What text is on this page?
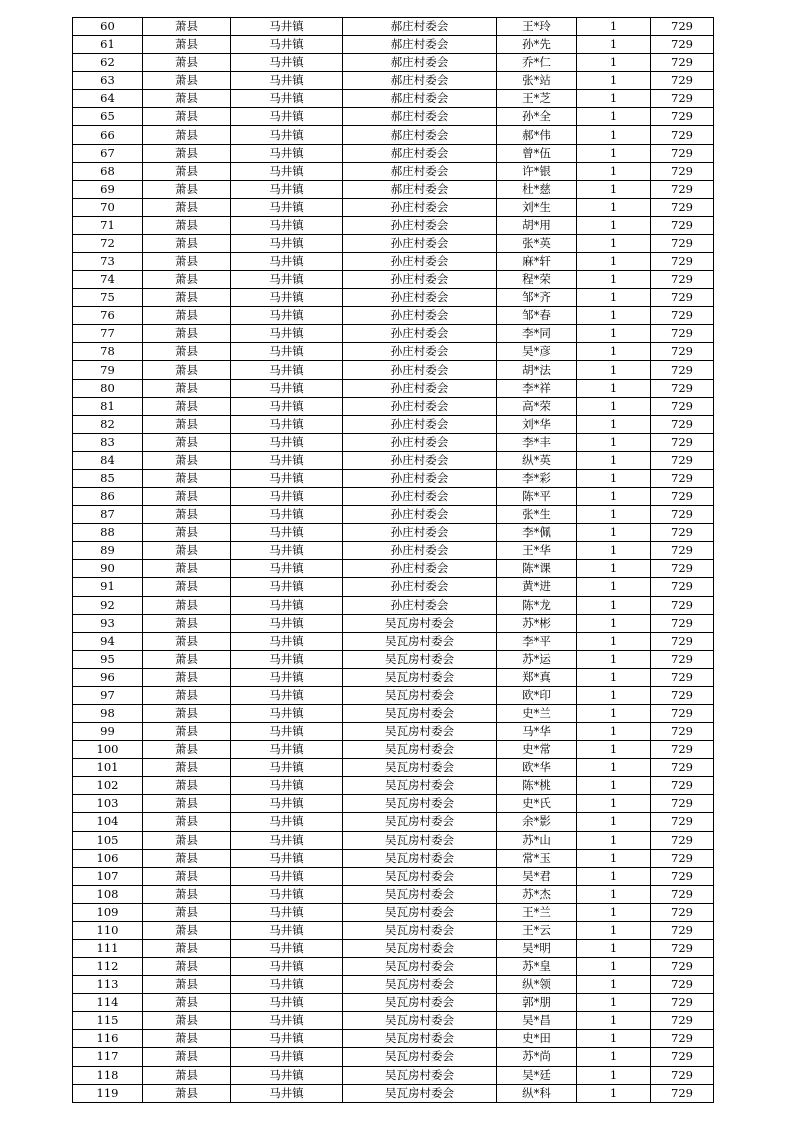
60	萧县	马井镇	郝庄村委会	王*玲	1	729
61	萧县	马井镇	郝庄村委会	孙*先	1	729
62	萧县	马井镇	郝庄村委会	乔*仁	1	729
63	萧县	马井镇	郝庄村委会	张*站	1	729
64	萧县	马井镇	郝庄村委会	王*芝	1	729
65	萧县	马井镇	郝庄村委会	孙*全	1	729
66	萧县	马井镇	郝庄村委会	郝*伟	1	729
67	萧县	马井镇	郝庄村委会	曾*伍	1	729
68	萧县	马井镇	郝庄村委会	许*银	1	729
69	萧县	马井镇	郝庄村委会	杜*慈	1	729
70	萧县	马井镇	孙庄村委会	刘*生	1	729
71	萧县	马井镇	孙庄村委会	胡*用	1	729
72	萧县	马井镇	孙庄村委会	张*英	1	729
73	萧县	马井镇	孙庄村委会	麻*轩	1	729
74	萧县	马井镇	孙庄村委会	程*荣	1	729
75	萧县	马井镇	孙庄村委会	邹*齐	1	729
76	萧县	马井镇	孙庄村委会	邹*春	1	729
77	萧县	马井镇	孙庄村委会	李*同	1	729
78	萧县	马井镇	孙庄村委会	吴*彦	1	729
79	萧县	马井镇	孙庄村委会	胡*法	1	729
80	萧县	马井镇	孙庄村委会	李*祥	1	729
81	萧县	马井镇	孙庄村委会	高*荣	1	729
82	萧县	马井镇	孙庄村委会	刘*华	1	729
83	萧县	马井镇	孙庄村委会	李*丰	1	729
84	萧县	马井镇	孙庄村委会	纵*英	1	729
85	萧县	马井镇	孙庄村委会	李*彩	1	729
86	萧县	马井镇	孙庄村委会	陈*平	1	729
87	萧县	马井镇	孙庄村委会	张*生	1	729
88	萧县	马井镇	孙庄村委会	李*佩	1	729
89	萧县	马井镇	孙庄村委会	王*华	1	729
90	萧县	马井镇	孙庄村委会	陈*课	1	729
91	萧县	马井镇	孙庄村委会	黄*进	1	729
92	萧县	马井镇	孙庄村委会	陈*龙	1	729
93	萧县	马井镇	吴瓦房村委会	苏*彬	1	729
94	萧县	马井镇	吴瓦房村委会	李*平	1	729
95	萧县	马井镇	吴瓦房村委会	苏*运	1	729
96	萧县	马井镇	吴瓦房村委会	郑*真	1	729
97	萧县	马井镇	吴瓦房村委会	欧*印	1	729
98	萧县	马井镇	吴瓦房村委会	史*兰	1	729
99	萧县	马井镇	吴瓦房村委会	马*华	1	729
100	萧县	马井镇	吴瓦房村委会	史*常	1	729
101	萧县	马井镇	吴瓦房村委会	欧*华	1	729
102	萧县	马井镇	吴瓦房村委会	陈*桃	1	729
103	萧县	马井镇	吴瓦房村委会	史*氏	1	729
104	萧县	马井镇	吴瓦房村委会	余*影	1	729
105	萧县	马井镇	吴瓦房村委会	苏*山	1	729
106	萧县	马井镇	吴瓦房村委会	常*玉	1	729
107	萧县	马井镇	吴瓦房村委会	吴*君	1	729
108	萧县	马井镇	吴瓦房村委会	苏*杰	1	729
109	萧县	马井镇	吴瓦房村委会	王*兰	1	729
110	萧县	马井镇	吴瓦房村委会	王*云	1	729
111	萧县	马井镇	吴瓦房村委会	吴*明	1	729
112	萧县	马井镇	吴瓦房村委会	苏*皇	1	729
113	萧县	马井镇	吴瓦房村委会	纵*领	1	729
114	萧县	马井镇	吴瓦房村委会	郭*朋	1	729
115	萧县	马井镇	吴瓦房村委会	吴*昌	1	729
116	萧县	马井镇	吴瓦房村委会	史*田	1	729
117	萧县	马井镇	吴瓦房村委会	苏*尚	1	729
118	萧县	马井镇	吴瓦房村委会	吴*廷	1	729
119	萧县	马井镇	吴瓦房村委会	纵*科	1	729
